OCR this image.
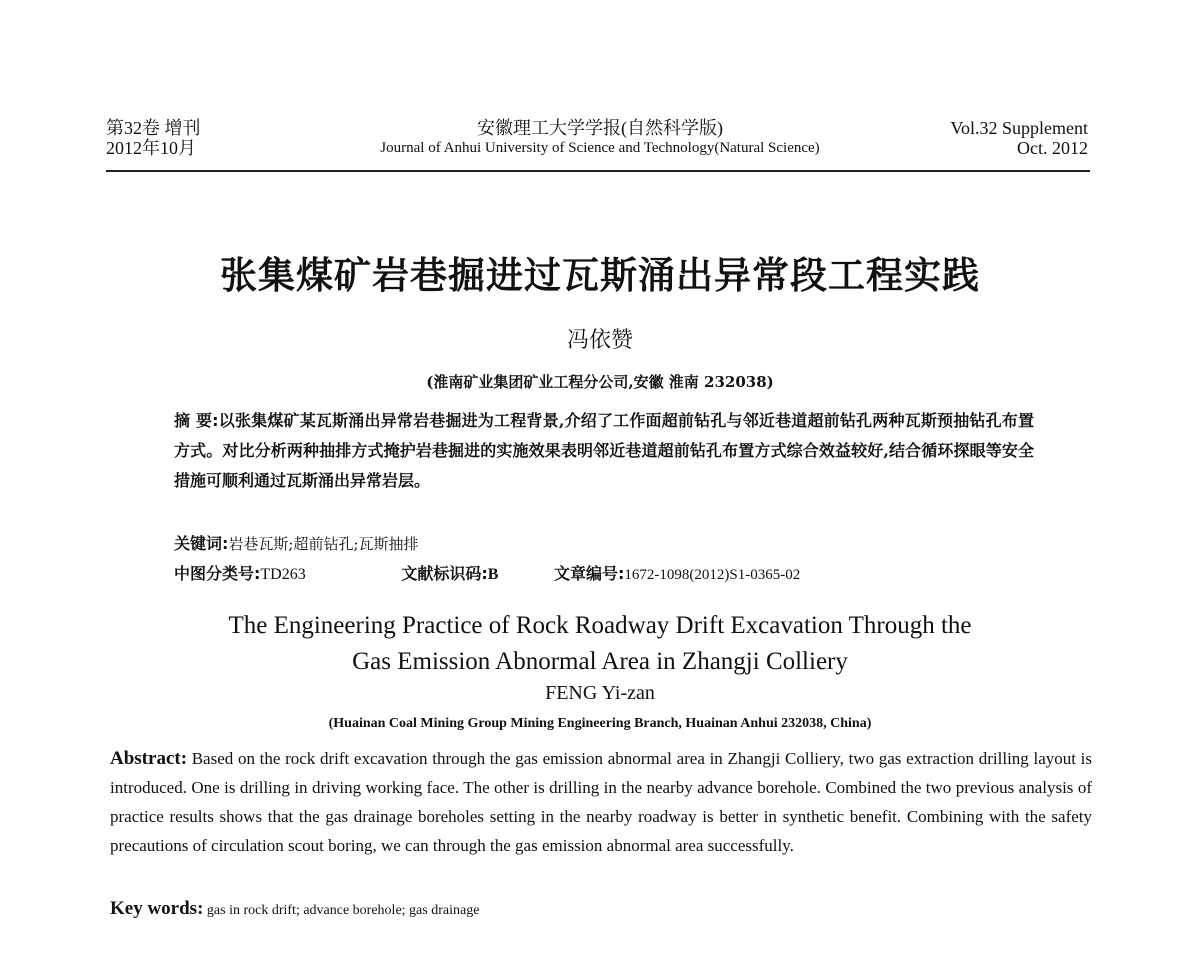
第32卷 增刊
2012年10月
安徽理工大学学报(自然科学版)
Journal of Anhui University of Science and Technology(Natural Science)
Vol.32 Supplement
Oct. 2012
张集煤矿岩巷掘进过瓦斯涌出异常段工程实践
冯依赞
(淮南矿业集团矿业工程分公司,安徽 淮南 232038)
摘 要:以张集煤矿某瓦斯涌出异常岩巷掘进为工程背景,介绍了工作面超前钻孔与邻近巷道超前钻孔两种瓦斯预抽钻孔布置方式。对比分析两种抽排方式掩护岩巷掘进的实施效果表明邻近巷道超前钻孔布置方式综合效益较好,结合循环探眼等安全措施可顺利通过瓦斯涌出异常岩层。
关键词:岩巷瓦斯;超前钻孔;瓦斯抽排
中图分类号:TD263	文献标识码:B	文章编号:1672-1098(2012)S1-0365-02
The Engineering Practice of Rock Roadway Drift Excavation Through the
Gas Emission Abnormal Area in Zhangji Colliery
FENG Yi-zan
(Huainan Coal Mining Group Mining Engineering Branch, Huainan Anhui 232038, China)
Abstract: Based on the rock drift excavation through the gas emission abnormal area in Zhangji Colliery, two gas extraction drilling layout is introduced. One is drilling in driving working face. The other is drilling in the nearby advance borehole. Combined the two previous analysis of practice results shows that the gas drainage boreholes setting in the nearby roadway is better in synthetic benefit. Combining with the safety precautions of circulation scout boring, we can through the gas emission abnormal area successfully.
Key words: gas in rock drift; advance borehole; gas drainage
